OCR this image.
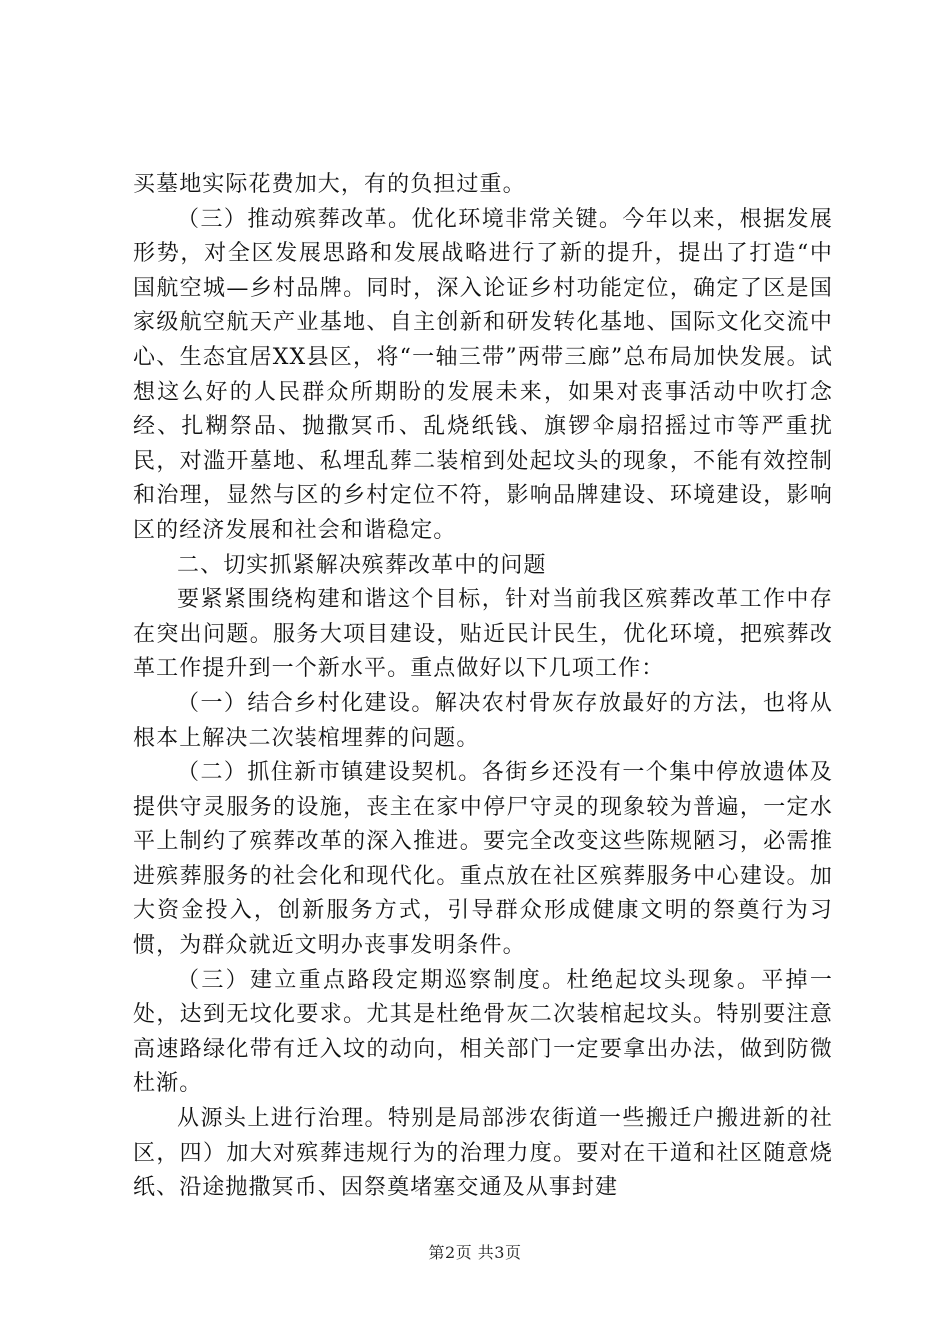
买墓地实际花费加大，有的负担过重。

（三）推动殡葬改革。优化环境非常关键。今年以来，根据发展形势，对全区发展思路和发展战略进行了新的提升，提出了打造“中国航空城—乡村品牌。同时，深入论证乡村功能定位，确定了区是国家级航空航天产业基地、自主创新和研发转化基地、国际文化交流中心、生态宜居XX县区，将“一轴三带”两带三廊”总布局加快发展。试想这么好的人民群众所期盼的发展未来，如果对丧事活动中吹打念经、扎糊祭品、抛撒冥币、乱烧纸钱、旗锣伞扇招摇过市等严重扰民，对滥开墓地、私埋乱葬二装棺到处起坟头的现象，不能有效控制和治理，显然与区的乡村定位不符，影响品牌建设、环境建设，影响区的经济发展和社会和谐稳定。

二、切实抓紧解决殡葬改革中的问题

要紧紧围绕构建和谐这个目标，针对当前我区殡葬改革工作中存在突出问题。服务大项目建设，贴近民计民生，优化环境，把殡葬改革工作提升到一个新水平。重点做好以下几项工作：

（一）结合乡村化建设。解决农村骨灰存放最好的方法，也将从根本上解决二次装棺埋葬的问题。

（二）抓住新市镇建设契机。各街乡还没有一个集中停放遗体及提供守灵服务的设施，丧主在家中停尸守灵的现象较为普遍，一定水平上制约了殡葬改革的深入推进。要完全改变这些陈规陋习，必需推进殡葬服务的社会化和现代化。重点放在社区殡葬服务中心建设。加大资金投入，创新服务方式，引导群众形成健康文明的祭奠行为习惯，为群众就近文明办丧事发明条件。

（三）建立重点路段定期巡察制度。杜绝起坟头现象。平掉一处，达到无坟化要求。尤其是杜绝骨灰二次装棺起坟头。特别要注意高速路绿化带有迁入坟的动向，相关部门一定要拿出办法，做到防微杜渐。

从源头上进行治理。特别是局部涉农街道一些搬迁户搬进新的社区，四）加大对殡葬违规行为的治理力度。要对在干道和社区随意烧纸、沿途抛撒冥币、因祭奠堵塞交通及从事封建

第2页 共3页
